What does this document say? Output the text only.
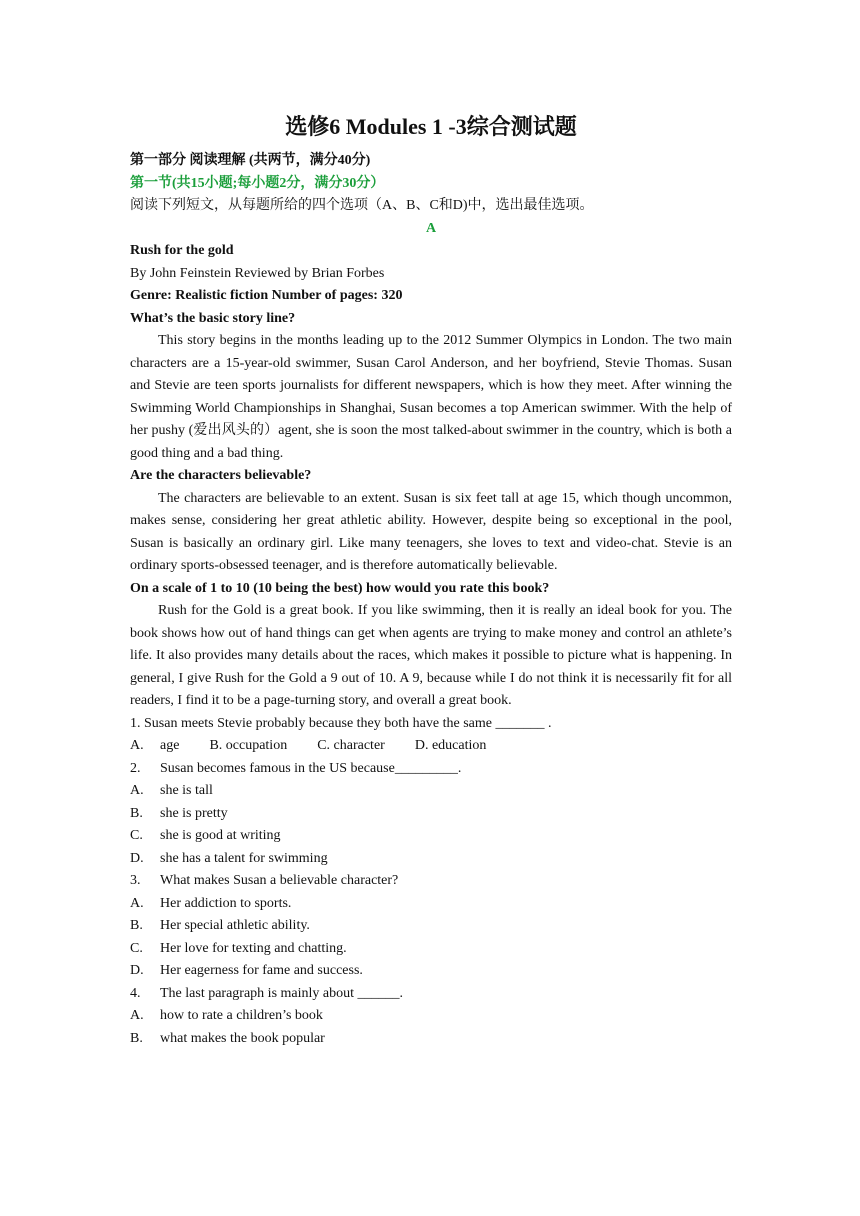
选修6 Modules 1 -3综合测试题

第一部分 阅读理解 (共两节，满分40分)

第一节(共15小题;每小题2分，满分30分）

阅读下列短文，从每题所给的四个选项（A、B、C和D)中，选出最佳选项。

A

Rush for the gold

By John Feinstein Reviewed by Brian Forbes

Genre: Realistic fiction Number of pages: 320

What’s the basic story line?

This story begins in the months leading up to the 2012 Summer Olympics in London. The two main characters are a 15-year-old swimmer, Susan Carol Anderson, and her boyfriend, Stevie Thomas. Susan and Stevie are teen sports journalists for different newspapers, which is how they meet. After winning the Swimming World Championships in Shanghai, Susan becomes a top American swimmer. With the help of her pushy (爱出风头的）agent, she is soon the most talked-about swimmer in the country, which is both a good thing and a bad thing.

Are the characters believable?

The characters are believable to an extent. Susan is six feet tall at age 15, which though uncommon, makes sense, considering her great athletic ability. However, despite being so exceptional in the pool, Susan is basically an ordinary girl. Like many teenagers, she loves to text and video-chat. Stevie is an ordinary sports-obsessed teenager, and is therefore automatically believable.

On a scale of 1 to 10 (10 being the best) how would you rate this book?

Rush for the Gold is a great book. If you like swimming, then it is really an ideal book for you. The book shows how out of hand things can get when agents are trying to make money and control an athlete’s life. It also provides many details about the races, which makes it possible to picture what is happening. In general, I give Rush for the Gold a 9 out of 10. A 9, because while I do not think it is necessarily fit for all readers, I find it to be a page-turning story, and overall a great book.

1. Susan meets Stevie probably because they both have the same _______ .

A.	age B. occupation C. character D. education
2.	Susan becomes famous in the US because_________.
A.	she is tall
B.	she is pretty
C.	she is good at writing
D.	she has a talent for swimming
3.	What makes Susan a believable character?
A.	Her addiction to sports.
B.	Her special athletic ability.
C.	Her love for texting and chatting.
D.	Her eagerness for fame and success.
4.	The last paragraph is mainly about ______.
A.	how to rate a children’s book
B.	what makes the book popular
